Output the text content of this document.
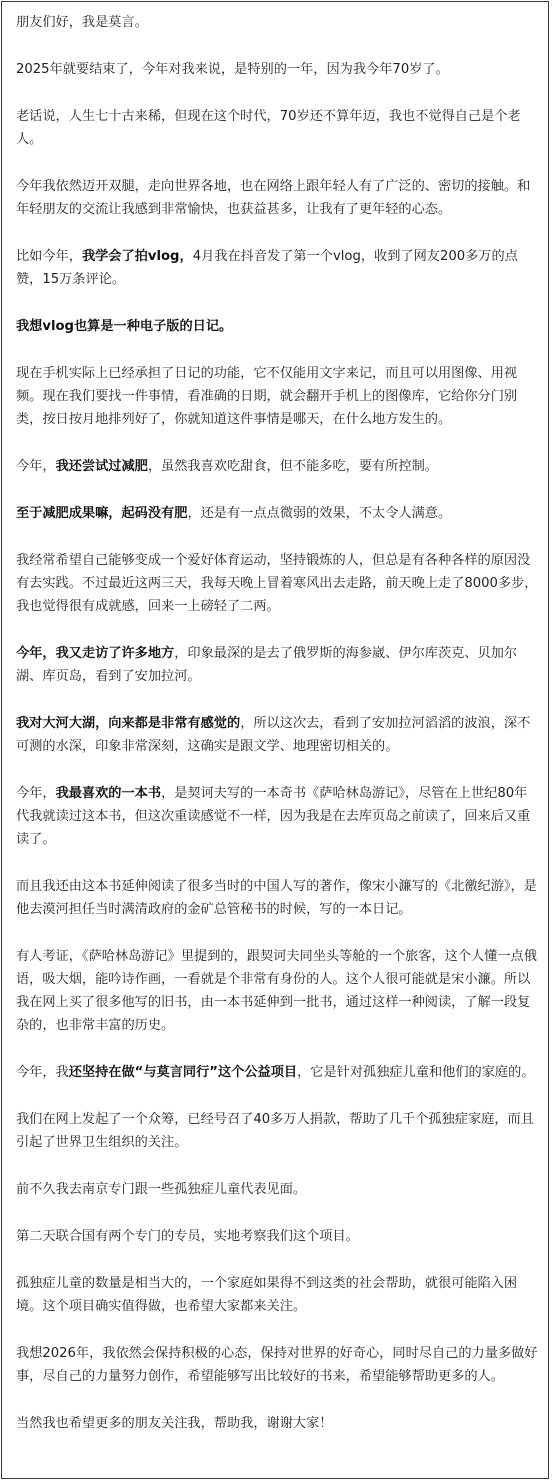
朋友们好，我是莫言。

2025年就要结束了，今年对我来说，是特别的一年，因为我今年70岁了。

老话说，人生七十古来稀，但现在这个时代，70岁还不算年迈，我也不觉得自己是个老人。

今年我依然迈开双腿，走向世界各地，也在网络上跟年轻人有了广泛的、密切的接触。和年轻朋友的交流让我感到非常愉快，也获益甚多，让我有了更年轻的心态。

比如今年，我学会了拍vlog，4月我在抖音发了第一个vlog，收到了网友200多万的点赞，15万条评论。

我想vlog也算是一种电子版的日记。

现在手机实际上已经承担了日记的功能，它不仅能用文字来记，而且可以用图像、用视频。现在我们要找一件事情，看准确的日期，就会翻开手机上的图像库，它给你分门别类，按日按月地排列好了，你就知道这件事情是哪天，在什么地方发生的。

今年，我还尝试过减肥，虽然我喜欢吃甜食，但不能多吃，要有所控制。

至于减肥成果嘛，起码没有肥，还是有一点点微弱的效果，不太令人满意。

我经常希望自己能够变成一个爱好体育运动，坚持锻炼的人，但总是有各种各样的原因没有去实践。不过最近这两三天，我每天晚上冒着寒风出去走路，前天晚上走了8000多步，我也觉得很有成就感，回来一上磅轻了二两。

今年，我又走访了许多地方，印象最深的是去了俄罗斯的海参崴、伊尔库茨克、贝加尔湖、库页岛，看到了安加拉河。

我对大河大湖，向来都是非常有感觉的，所以这次去，看到了安加拉河滔滔的波浪，深不可测的水深，印象非常深刻，这确实是跟文学、地理密切相关的。

今年，我最喜欢的一本书，是契诃夫写的一本奇书《萨哈林岛游记》，尽管在上世纪80年代我就读过这本书，但这次重读感觉不一样，因为我是在去库页岛之前读了，回来后又重读了。

而且我还由这本书延伸阅读了很多当时的中国人写的著作，像宋小濂写的《北徼纪游》，是他去漠河担任当时满清政府的金矿总管秘书的时候，写的一本日记。

有人考证，《萨哈林岛游记》里提到的，跟契诃夫同坐头等舱的一个旅客，这个人懂一点俄语，吸大烟，能吟诗作画，一看就是个非常有身份的人。这个人很可能就是宋小濂。所以我在网上买了很多他写的旧书，由一本书延伸到一批书，通过这样一种阅读，了解一段复杂的，也非常丰富的历史。

今年，我还坚持在做“与莫言同行”这个公益项目，它是针对孤独症儿童和他们的家庭的。

我们在网上发起了一个众筹，已经号召了40多万人捐款，帮助了几千个孤独症家庭，而且引起了世界卫生组织的关注。

前不久我去南京专门跟一些孤独症儿童代表见面。

第二天联合国有两个专门的专员，实地考察我们这个项目。

孤独症儿童的数量是相当大的，一个家庭如果得不到这类的社会帮助，就很可能陷入困境。这个项目确实值得做，也希望大家都来关注。

我想2026年，我依然会保持积极的心态，保持对世界的好奇心，同时尽自己的力量多做好事，尽自己的力量努力创作，希望能够写出比较好的书来，希望能够帮助更多的人。

当然我也希望更多的朋友关注我，帮助我，谢谢大家！
